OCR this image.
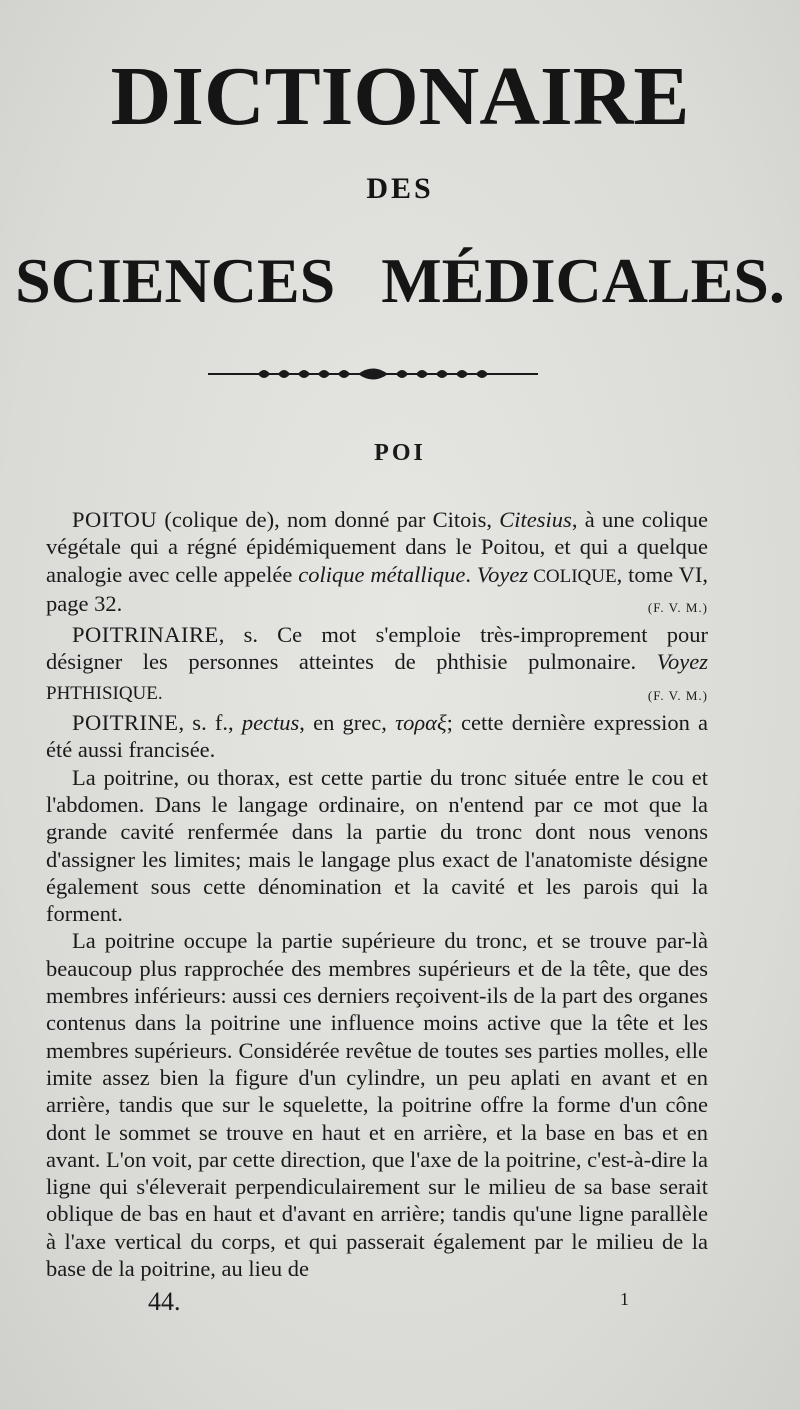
DICTIONAIRE
DES
SCIENCES MÉDICALES.
POI

POITOU (colique de), nom donné par Citois, Citesius, à une colique végétale qui a régné épidémiquement dans le Poitou, et qui a quelque analogie avec celle appelée colique métallique. Voyez COLIQUE, tome VI, page 32.	(F. V. M.)

POITRINAIRE, s. Ce mot s'emploie très-improprement pour désigner les personnes atteintes de phthisie pulmonaire. Voyez PHTHISIQUE.	(F. V. M.)

POITRINE, s. f., pectus, en grec, τοραξ; cette dernière expression a été aussi francisée.

La poitrine, ou thorax, est cette partie du tronc située entre le cou et l'abdomen. Dans le langage ordinaire, on n'entend par ce mot que la grande cavité renfermée dans la partie du tronc dont nous venons d'assigner les limites; mais le langage plus exact de l'anatomiste désigne également sous cette dénomination et la cavité et les parois qui la forment.

La poitrine occupe la partie supérieure du tronc, et se trouve par-là beaucoup plus rapprochée des membres supérieurs et de la tête, que des membres inférieurs: aussi ces derniers reçoivent-ils de la part des organes contenus dans la poitrine une influence moins active que la tête et les membres supérieurs. Considérée revêtue de toutes ses parties molles, elle imite assez bien la figure d'un cylindre, un peu aplati en avant et en arrière, tandis que sur le squelette, la poitrine offre la forme d'un cône dont le sommet se trouve en haut et en arrière, et la base en bas et en avant. L'on voit, par cette direction, que l'axe de la poitrine, c'est-à-dire la ligne qui s'éleverait perpendiculairement sur le milieu de sa base serait oblique de bas en haut et d'avant en arrière; tandis qu'une ligne parallèle à l'axe vertical du corps, et qui passerait également par le milieu de la base de la poitrine, au lieu de

44.	1
